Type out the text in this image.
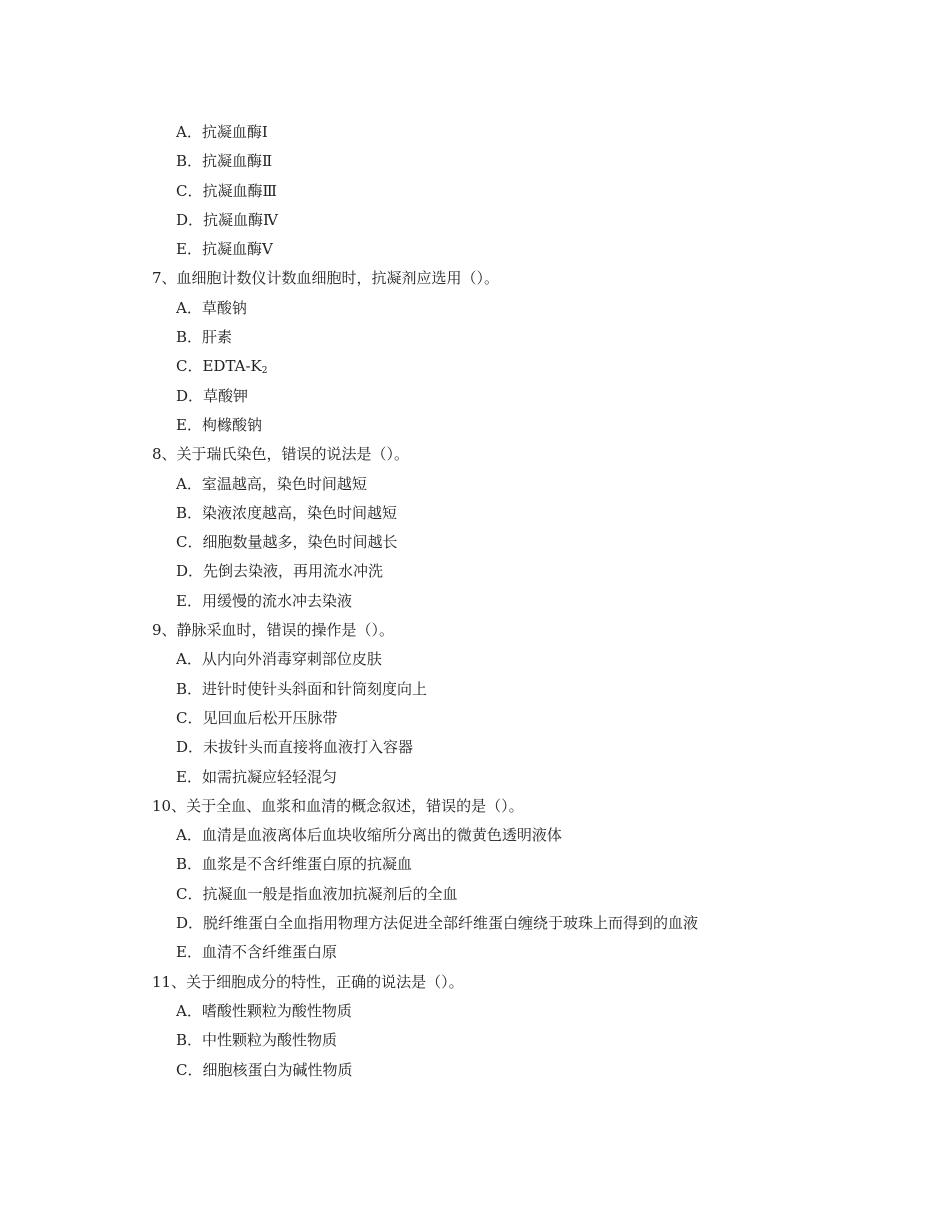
A．抗凝血酶Ⅰ
B．抗凝血酶Ⅱ
C．抗凝血酶Ⅲ
D．抗凝血酶Ⅳ
E．抗凝血酶Ⅴ
7、血细胞计数仪计数血细胞时，抗凝剂应选用（）。
A．草酸钠
B．肝素
C．EDTA-$K_2$
D．草酸钾
E．枸橼酸钠
8、关于瑞氏染色，错误的说法是（）。
A．室温越高，染色时间越短
B．染液浓度越高，染色时间越短
C．细胞数量越多，染色时间越长
D．先倒去染液，再用流水冲洗
E．用缓慢的流水冲去染液
9、静脉采血时，错误的操作是（）。
A．从内向外消毒穿刺部位皮肤
B．进针时使针头斜面和针筒刻度向上
C．见回血后松开压脉带
D．未拔针头而直接将血液打入容器
E．如需抗凝应轻轻混匀
10、关于全血、血浆和血清的概念叙述，错误的是（）。
A．血清是血液离体后血块收缩所分离出的微黄色透明液体
B．血浆是不含纤维蛋白原的抗凝血
C．抗凝血一般是指血液加抗凝剂后的全血
D．脱纤维蛋白全血指用物理方法促进全部纤维蛋白缠绕于玻珠上而得到的血液
E．血清不含纤维蛋白原
11、关于细胞成分的特性，正确的说法是（）。
A．嗜酸性颗粒为酸性物质
B．中性颗粒为酸性物质
C．细胞核蛋白为碱性物质
